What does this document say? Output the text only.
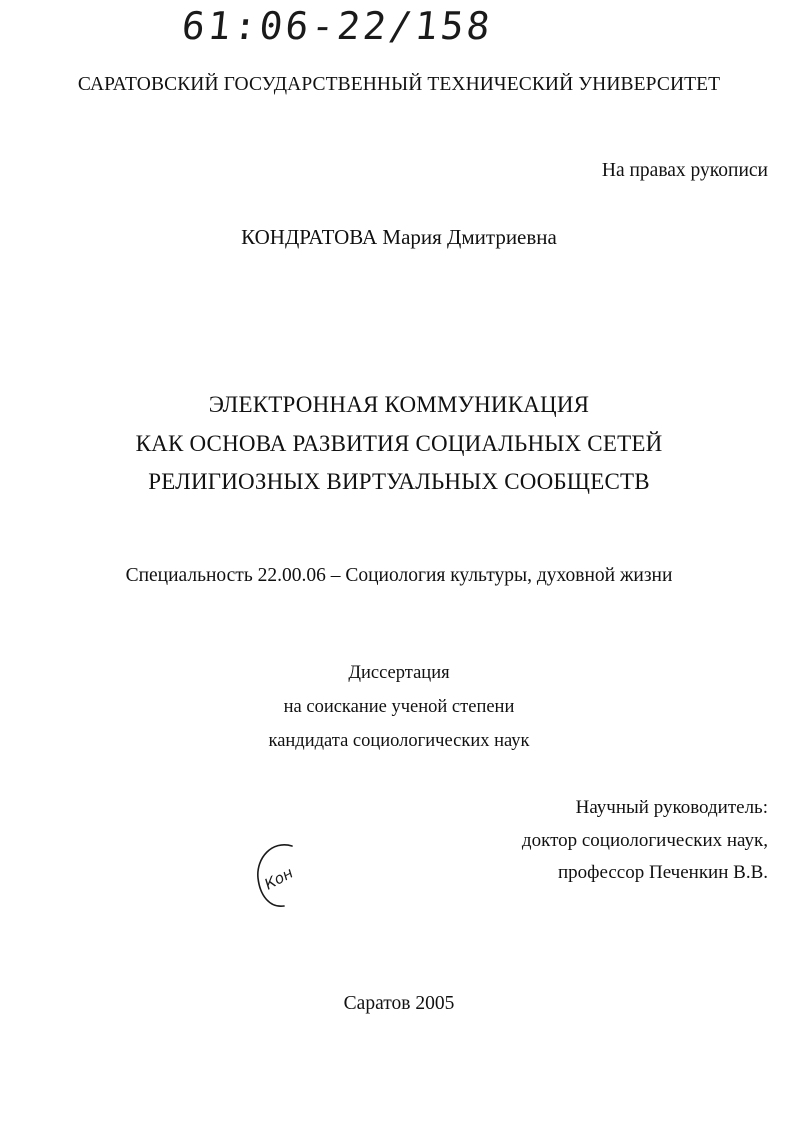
61:06-22/158
САРАТОВСКИЙ ГОСУДАРСТВЕННЫЙ ТЕХНИЧЕСКИЙ УНИВЕРСИТЕТ
На правах рукописи
КОНДРАТОВА Мария Дмитриевна
ЭЛЕКТРОННАЯ КОММУНИКАЦИЯ
КАК ОСНОВА РАЗВИТИЯ СОЦИАЛЬНЫХ СЕТЕЙ
РЕЛИГИОЗНЫХ ВИРТУАЛЬНЫХ СООБЩЕСТВ
Специальность 22.00.06 – Социология культуры, духовной жизни
Диссертация
на соискание ученой степени
кандидата социологических наук
Научный руководитель:
доктор социологических наук,
профессор Печенкин В.В.
Кон
Саратов 2005
